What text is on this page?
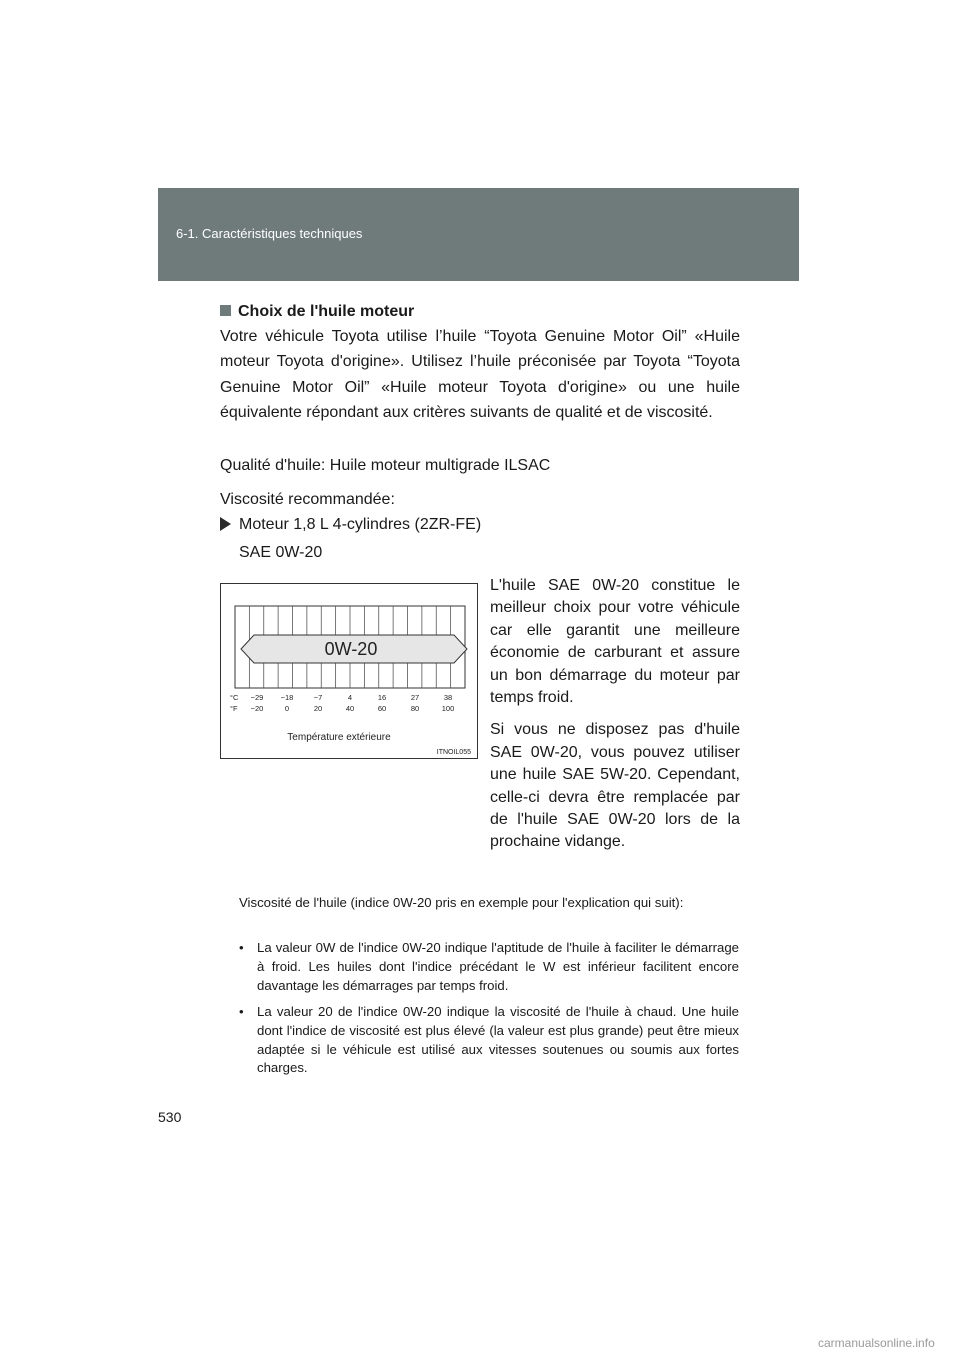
6-1. Caractéristiques techniques
Choix de l'huile moteur
Votre véhicule Toyota utilise l’huile “Toyota Genuine Motor Oil” «Huile moteur Toyota d'origine». Utilisez l’huile préconisée par Toyota “Toyota Genuine Motor Oil” «Huile moteur Toyota d'origine» ou une huile équivalente répondant aux critères suivants de qualité et de viscosité.
Qualité d'huile: Huile moteur multigrade ILSAC
Viscosité recommandée:
Moteur 1,8 L 4-cylindres (2ZR-FE)
SAE 0W-20
0W-20
°C
°F
−29 −18	−7	4	16	27	38
−20	0	20	40	60	80	100
Température extérieure
ITNOIL055

L'huile SAE 0W-20 constitue le meilleur choix pour votre véhicule car elle garantit une meilleure économie de carburant et assure un bon démarrage du moteur par temps froid.

Si vous ne disposez pas d'huile SAE 0W-20, vous pouvez utiliser une huile SAE 5W-20. Cependant, celle-ci devra être remplacée par de l'huile SAE 0W-20 lors de la prochaine vidange.

Viscosité de l'huile (indice 0W-20 pris en exemple pour l'explication qui suit):
•	La valeur 0W de l'indice 0W-20 indique l'aptitude de l'huile à faciliter le démarrage à froid. Les huiles dont l'indice précédant le W est inférieur facilitent encore davantage les démarrages par temps froid.
•	La valeur 20 de l'indice 0W-20 indique la viscosité de l'huile à chaud. Une huile dont l'indice de viscosité est plus élevé (la valeur est plus grande) peut être mieux adaptée si le véhicule est utilisé aux vitesses soutenues ou soumis aux fortes charges.
530
carmanualsonline.info
